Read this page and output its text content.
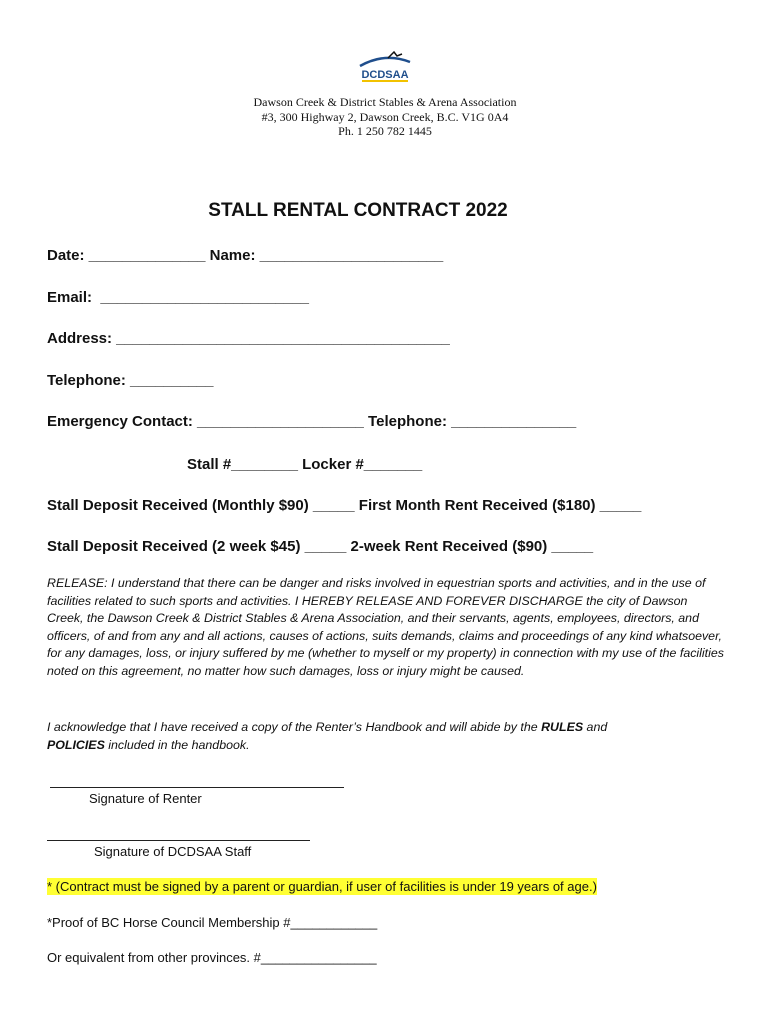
DCDSAA
Dawson Creek & District Stables & Arena Association
#3, 300 Highway 2, Dawson Creek, B.C. V1G 0A4
Ph. 1 250 782 1445
STALL RENTAL CONTRACT 2022
Date: ______________ Name: ______________________
Email:  _________________________
Address: ________________________________________
Telephone: __________
Emergency Contact: ____________________ Telephone: _______________
Stall #________ Locker #_______
Stall Deposit Received (Monthly $90) _____ First Month Rent Received ($180) _____
Stall Deposit Received (2 week $45) _____ 2-week Rent Received ($90) _____
RELEASE: I understand that there can be danger and risks involved in equestrian sports and activities, and in the use of facilities related to such sports and activities. I HEREBY RELEASE AND FOREVER DISCHARGE the city of Dawson Creek, the Dawson Creek & District Stables & Arena Association, and their servants, agents, employees, directors, and officers, of and from any and all actions, causes of actions, suits demands, claims and proceedings of any kind whatsoever, for any damages, loss, or injury suffered by me (whether to myself or my property) in connection with my use of the facilities noted on this agreement, no matter how such damages, loss or injury might be caused.
I acknowledge that I have received a copy of the Renter’s Handbook and will abide by the RULES and
POLICIES included in the handbook.
Signature of Renter
Signature of DCDSAA Staff
* (Contract must be signed by a parent or guardian, if user of facilities is under 19 years of age.)
*Proof of BC Horse Council Membership #____________
Or equivalent from other provinces. #________________
